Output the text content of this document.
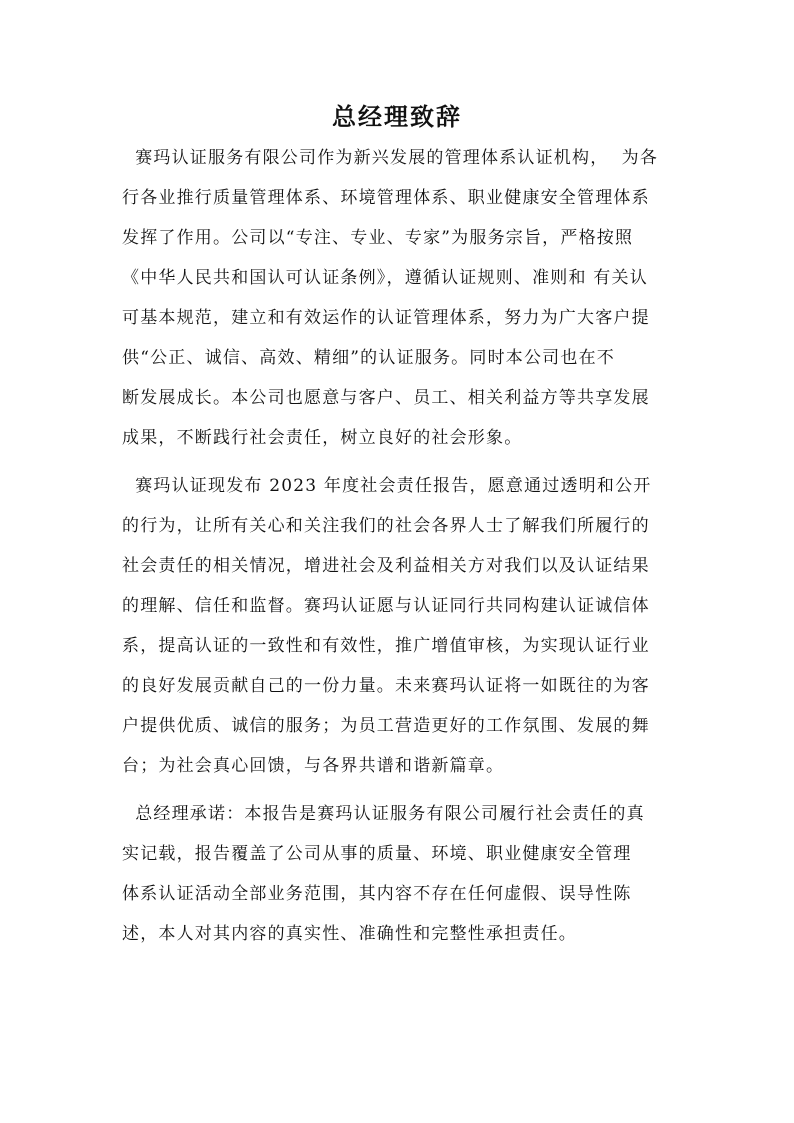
总经理致辞
赛玛认证服务有限公司作为新兴发展的管理体系认证机构，  为各
行各业推行质量管理体系、环境管理体系、职业健康安全管理体系
发挥了作用。公司以“专注、专业、专家”为服务宗旨，严格按照
《中华人民共和国认可认证条例》，遵循认证规则、准则和 有关认
可基本规范，建立和有效运作的认证管理体系，努力为广大客户提
供“公正、诚信、高效、精细”的认证服务。同时本公司也在不
断发展成长。本公司也愿意与客户、员工、相关利益方等共享发展
成果，不断践行社会责任，树立良好的社会形象。
赛玛认证现发布 2023 年度社会责任报告，愿意通过透明和公开
的行为，让所有关心和关注我们的社会各界人士了解我们所履行的
社会责任的相关情况，增进社会及利益相关方对我们以及认证结果
的理解、信任和监督。赛玛认证愿与认证同行共同构建认证诚信体
系，提高认证的一致性和有效性，推广增值审核，为实现认证行业
的良好发展贡献自己的一份力量。未来赛玛认证将一如既往的为客
户提供优质、诚信的服务；为员工营造更好的工作氛围、发展的舞
台；为社会真心回馈，与各界共谱和谐新篇章。
总经理承诺：本报告是赛玛认证服务有限公司履行社会责任的真
实记载，报告覆盖了公司从事的质量、环境、职业健康安全管理
体系认证活动全部业务范围，其内容不存在任何虚假、误导性陈
述，本人对其内容的真实性、准确性和完整性承担责任。
